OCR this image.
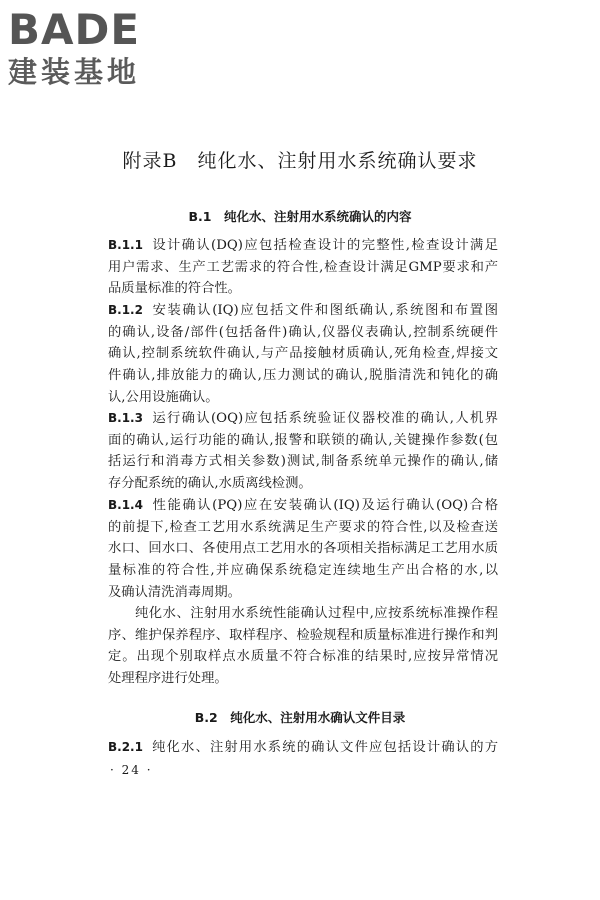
BADE
建装基地
附录B　纯化水、注射用水系统确认要求
B.1　纯化水、注射用水系统确认的内容
B.1.1 设计确认(DQ)应包括检查设计的完整性,检查设计满足
用户需求、生产工艺需求的符合性,检查设计满足GMP要求和产
品质量标准的符合性。
B.1.2 安装确认(IQ)应包括文件和图纸确认,系统图和布置图
的确认,设备/部件(包括备件)确认,仪器仪表确认,控制系统硬件
确认,控制系统软件确认,与产品接触材质确认,死角检查,焊接文
件确认,排放能力的确认,压力测试的确认,脱脂清洗和钝化的确
认,公用设施确认。
B.1.3 运行确认(OQ)应包括系统验证仪器校准的确认,人机界
面的确认,运行功能的确认,报警和联锁的确认,关键操作参数(包
括运行和消毒方式相关参数)测试,制备系统单元操作的确认,储
存分配系统的确认,水质离线检测。
B.1.4 性能确认(PQ)应在安装确认(IQ)及运行确认(OQ)合格
的前提下,检查工艺用水系统满足生产要求的符合性,以及检查送
水口、回水口、各使用点工艺用水的各项相关指标满足工艺用水质
量标准的符合性,并应确保系统稳定连续地生产出合格的水,以
及确认清洗消毒周期。
纯化水、注射用水系统性能确认过程中,应按系统标准操作程
序、维护保养程序、取样程序、检验规程和质量标准进行操作和判
定。出现个别取样点水质量不符合标准的结果时,应按异常情况
处理程序进行处理。
B.2　纯化水、注射用水确认文件目录
B.2.1 纯化水、注射用水系统的确认文件应包括设计确认的方
· 24 ·
